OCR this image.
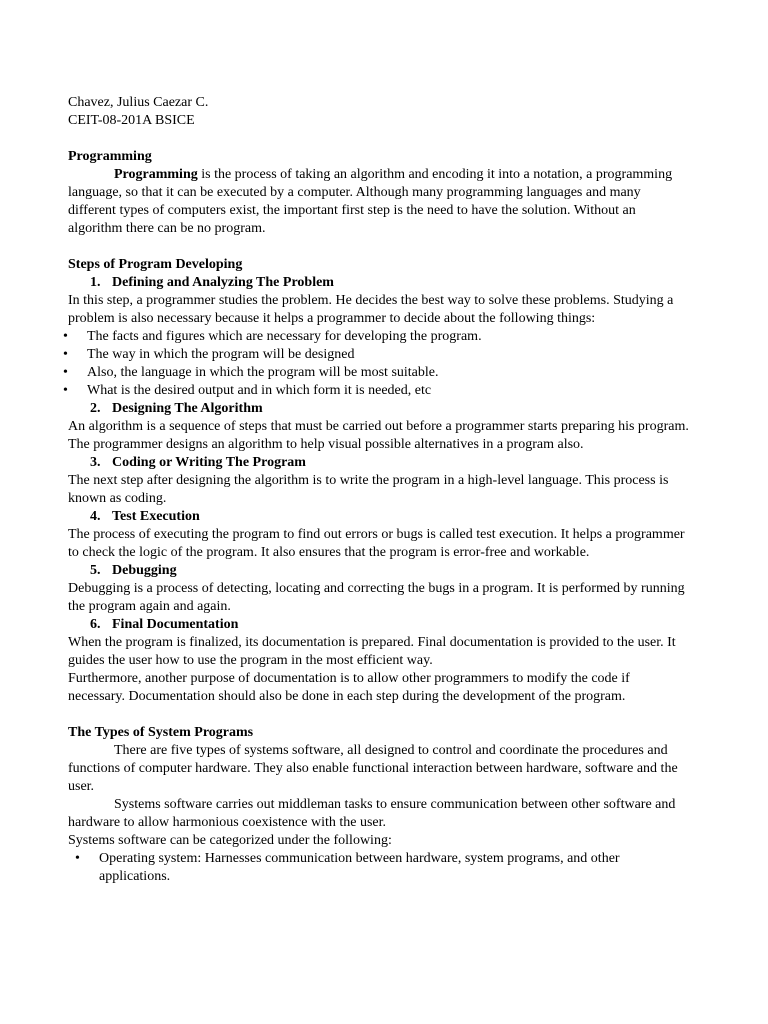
Chavez, Julius Caezar C.

CEIT-08-201A BSICE

Programming

Programming is the process of taking an algorithm and encoding it into a notation, a programming language, so that it can be executed by a computer. Although many programming languages and many different types of computers exist, the important first step is the need to have the solution. Without an algorithm there can be no program.

Steps of Program Developing
1. Defining and Analyzing The Problem

In this step, a programmer studies the problem. He decides the best way to solve these problems. Studying a problem is also necessary because it helps a programmer to decide about the following things:

• The facts and figures which are necessary for developing the program.
• The way in which the program will be designed
• Also, the language in which the program will be most suitable.
• What is the desired output and in which form it is needed, etc
2. Designing The Algorithm

An algorithm is a sequence of steps that must be carried out before a programmer starts preparing his program. The programmer designs an algorithm to help visual possible alternatives in a program also.

3. Coding or Writing The Program

The next step after designing the algorithm is to write the program in a high-level language. This process is known as coding.

4. Test Execution

The process of executing the program to find out errors or bugs is called test execution. It helps a programmer to check the logic of the program. It also ensures that the program is error-free and workable.

5. Debugging

Debugging is a process of detecting, locating and correcting the bugs in a program. It is performed by running the program again and again.

6. Final Documentation

When the program is finalized, its documentation is prepared. Final documentation is provided to the user. It guides the user how to use the program in the most efficient way.

Furthermore, another purpose of documentation is to allow other programmers to modify the code if necessary. Documentation should also be done in each step during the development of the program.

The Types of System Programs

There are five types of systems software, all designed to control and coordinate the procedures and functions of computer hardware. They also enable functional interaction between hardware, software and the user.

Systems software carries out middleman tasks to ensure communication between other software and hardware to allow harmonious coexistence with the user.

Systems software can be categorized under the following:

• Operating system: Harnesses communication between hardware, system programs, and other applications.
